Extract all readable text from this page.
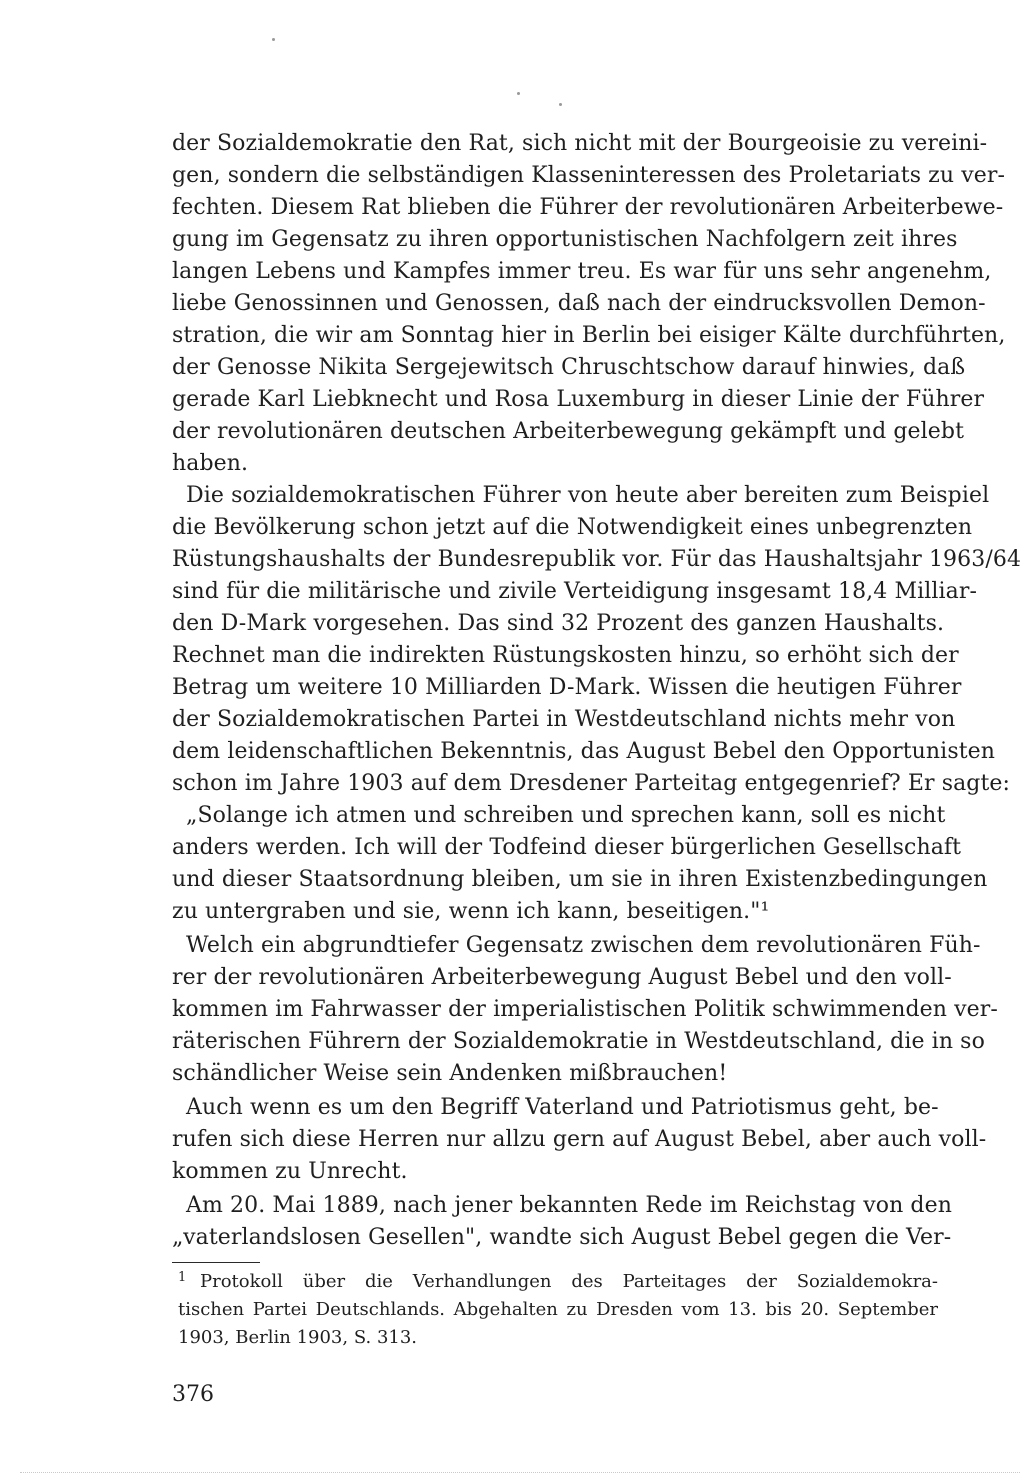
der Sozialdemokratie den Rat, sich nicht mit der Bourgeoisie zu vereini-
gen, sondern die selbständigen Klasseninteressen des Proletariats zu ver-
fechten. Diesem Rat blieben die Führer der revolutionären Arbeiterbewe-
gung im Gegensatz zu ihren opportunistischen Nachfolgern zeit ihres
langen Lebens und Kampfes immer treu. Es war für uns sehr angenehm,
liebe Genossinnen und Genossen, daß nach der eindrucksvollen Demon-
stration, die wir am Sonntag hier in Berlin bei eisiger Kälte durchführten,
der Genosse Nikita Sergejewitsch Chruschtschow darauf hinwies, daß
gerade Karl Liebknecht und Rosa Luxemburg in dieser Linie der Führer
der revolutionären deutschen Arbeiterbewegung gekämpft und gelebt
haben.
Die sozialdemokratischen Führer von heute aber bereiten zum Beispiel
die Bevölkerung schon jetzt auf die Notwendigkeit eines unbegrenzten
Rüstungshaushalts der Bundesrepublik vor. Für das Haushaltsjahr 1963/64
sind für die militärische und zivile Verteidigung insgesamt 18,4 Milliar-
den D-Mark vorgesehen. Das sind 32 Prozent des ganzen Haushalts.
Rechnet man die indirekten Rüstungskosten hinzu, so erhöht sich der
Betrag um weitere 10 Milliarden D-Mark. Wissen die heutigen Führer
der Sozialdemokratischen Partei in Westdeutschland nichts mehr von
dem leidenschaftlichen Bekenntnis, das August Bebel den Opportunisten
schon im Jahre 1903 auf dem Dresdener Parteitag entgegenrief? Er sagte:
„Solange ich atmen und schreiben und sprechen kann, soll es nicht
anders werden. Ich will der Todfeind dieser bürgerlichen Gesellschaft
und dieser Staatsordnung bleiben, um sie in ihren Existenzbedingungen
zu untergraben und sie, wenn ich kann, beseitigen."¹
Welch ein abgrundtiefer Gegensatz zwischen dem revolutionären Füh-
rer der revolutionären Arbeiterbewegung August Bebel und den voll-
kommen im Fahrwasser der imperialistischen Politik schwimmenden ver-
räterischen Führern der Sozialdemokratie in Westdeutschland, die in so
schändlicher Weise sein Andenken mißbrauchen!
Auch wenn es um den Begriff Vaterland und Patriotismus geht, be-
rufen sich diese Herren nur allzu gern auf August Bebel, aber auch voll-
kommen zu Unrecht.
Am 20. Mai 1889, nach jener bekannten Rede im Reichstag von den
„vaterlandslosen Gesellen", wandte sich August Bebel gegen die Ver-
1 Protokoll über die Verhandlungen des Parteitages der Sozialdemokra-
tischen Partei Deutschlands. Abgehalten zu Dresden vom 13. bis 20. September
1903, Berlin 1903, S. 313.
376
